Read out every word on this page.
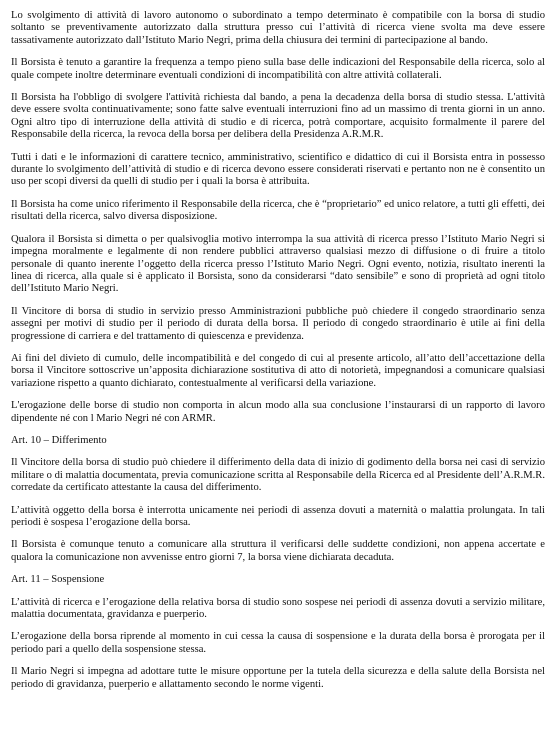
Lo svolgimento di attività di lavoro autonomo o subordinato a tempo determinato è compatibile con la borsa di studio soltanto se preventivamente autorizzato dalla struttura presso cui l’attività di ricerca viene svolta ma deve essere tassativamente autorizzato dall’Istituto Mario Negri, prima della chiusura dei termini di partecipazione al bando.

Il Borsista è tenuto a garantire la frequenza a tempo pieno sulla base delle indicazioni del Responsabile della ricerca, solo al quale compete inoltre determinare eventuali condizioni di incompatibilità con altre attività collaterali.

Il Borsista ha l'obbligo di svolgere l'attività richiesta dal bando, a pena la decadenza della borsa di studio stessa. L'attività deve essere svolta continuativamente; sono fatte salve eventuali interruzioni fino ad un massimo di trenta giorni in un anno. Ogni altro tipo di interruzione della attività di studio e di ricerca, potrà comportare, acquisito formalmente il parere del Responsabile della ricerca, la revoca della borsa per delibera della Presidenza A.R.M.R.

Tutti i dati e le informazioni di carattere tecnico, amministrativo, scientifico e didattico di cui il Borsista entra in possesso durante lo svolgimento dell’attività di studio e di ricerca devono essere considerati riservati e pertanto non ne è consentito un uso per scopi diversi da quelli di studio per i quali la borsa è attribuita.

Il Borsista ha come unico riferimento il Responsabile della ricerca, che è “proprietario” ed unico relatore, a tutti gli effetti, dei risultati della ricerca, salvo diversa disposizione.

Qualora il Borsista si dimetta o per qualsivoglia motivo interrompa la sua attività di ricerca presso l’Istituto Mario Negri si impegna moralmente e legalmente di non rendere pubblici attraverso qualsiasi mezzo di diffusione o di fruire a titolo personale di quanto inerente l’oggetto della ricerca presso l’Istituto Mario Negri. Ogni evento, notizia, risultato inerenti la linea di ricerca, alla quale si è applicato il Borsista, sono da considerarsi “dato sensibile” e sono di proprietà ad ogni titolo dell’Istituto Mario Negri.

Il Vincitore di borsa di studio in servizio presso Amministrazioni pubbliche può chiedere il congedo straordinario senza assegni per motivi di studio per il periodo di durata della borsa. Il periodo di congedo straordinario è utile ai fini della progressione di carriera e del trattamento di quiescenza e previdenza.

Ai fini del divieto di cumulo, delle incompatibilità e del congedo di cui al presente articolo, all’atto dell’accettazione della borsa il Vincitore sottoscrive un’apposita dichiarazione sostitutiva di atto di notorietà, impegnandosi a comunicare qualsiasi variazione rispetto a quanto dichiarato, contestualmente al verificarsi della variazione.

L'erogazione delle borse di studio non comporta in alcun modo alla sua conclusione l’instaurarsi di un rapporto di lavoro dipendente né con l Mario Negri né con ARMR.

Art. 10 – Differimento

Il Vincitore della borsa di studio può chiedere il differimento della data di inizio di godimento della borsa nei casi di servizio militare o di malattia documentata, previa comunicazione scritta al Responsabile della Ricerca ed al Presidente dell’A.R.M.R. corredate da certificato attestante la causa del differimento.

L’attività oggetto della borsa è interrotta unicamente nei periodi di assenza dovuti a maternità o malattia prolungata. In tali periodi è sospesa l’erogazione della borsa.

Il Borsista è comunque tenuto a comunicare alla struttura il verificarsi delle suddette condizioni, non appena accertate e qualora la comunicazione non avvenisse entro giorni 7, la borsa viene dichiarata decaduta.

Art. 11 – Sospensione

L’attività di ricerca e l’erogazione della relativa borsa di studio sono sospese nei periodi di assenza dovuti a servizio militare, malattia documentata, gravidanza e puerperio.

L’erogazione della borsa riprende al momento in cui cessa la causa di sospensione e la durata della borsa è prorogata per il periodo pari a quello della sospensione stessa.

Il Mario Negri si impegna ad adottare tutte le misure opportune per la tutela della sicurezza e della salute della Borsista nel periodo di gravidanza, puerperio e allattamento secondo le norme vigenti.
